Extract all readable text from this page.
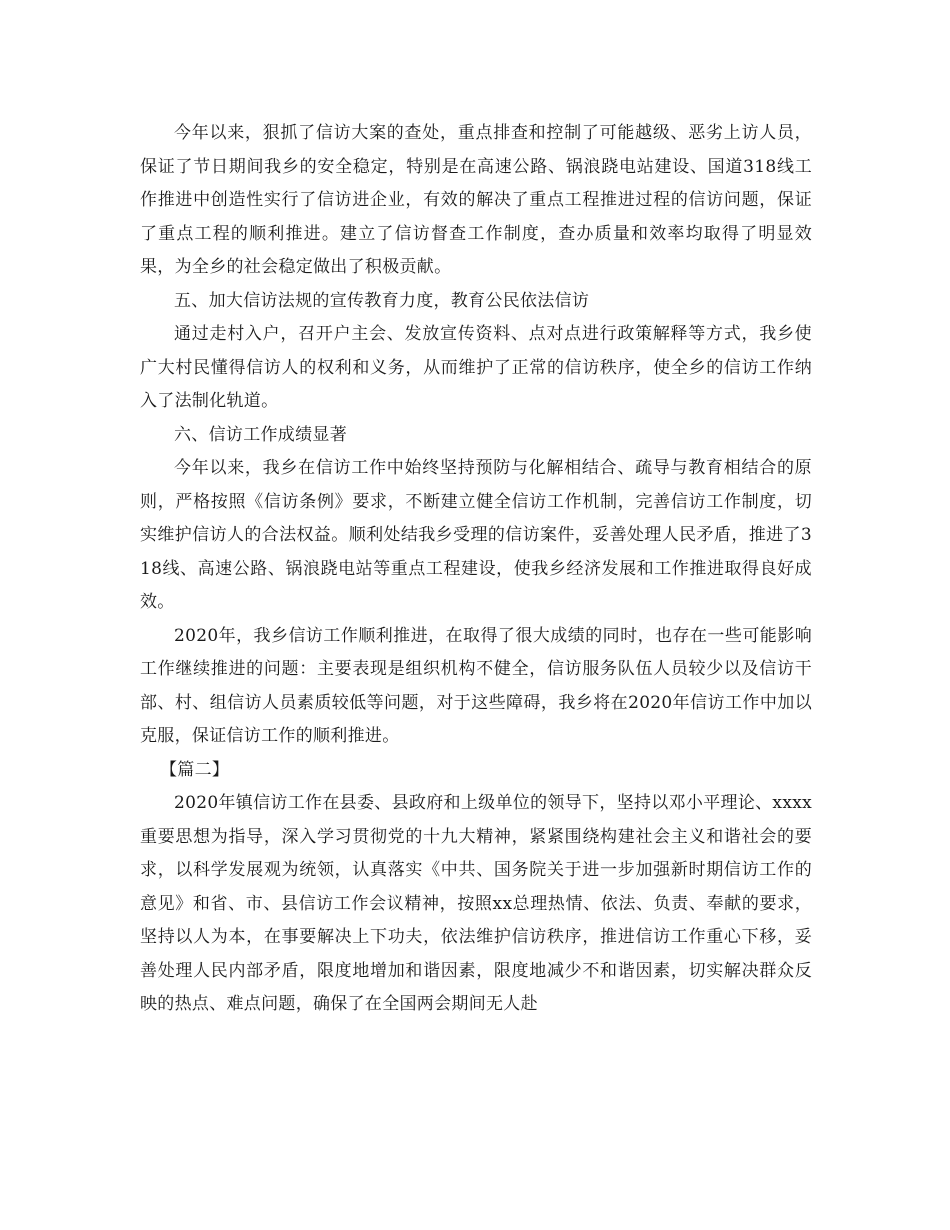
今年以来，狠抓了信访大案的查处，重点排查和控制了可能越级、恶劣上访人员，保证了节日期间我乡的安全稳定，特别是在高速公路、锅浪跷电站建设、国道318线工作推进中创造性实行了信访进企业，有效的解决了重点工程推进过程的信访问题，保证了重点工程的顺利推进。建立了信访督查工作制度，查办质量和效率均取得了明显效果，为全乡的社会稳定做出了积极贡献。

五、加大信访法规的宣传教育力度，教育公民依法信访

通过走村入户，召开户主会、发放宣传资料、点对点进行政策解释等方式，我乡使广大村民懂得信访人的权利和义务，从而维护了正常的信访秩序，使全乡的信访工作纳入了法制化轨道。

六、信访工作成绩显著

今年以来，我乡在信访工作中始终坚持预防与化解相结合、疏导与教育相结合的原则，严格按照《信访条例》要求，不断建立健全信访工作机制，完善信访工作制度，切实维护信访人的合法权益。顺利处结我乡受理的信访案件，妥善处理人民矛盾，推进了318线、高速公路、锅浪跷电站等重点工程建设，使我乡经济发展和工作推进取得良好成效。

2020年，我乡信访工作顺利推进，在取得了很大成绩的同时，也存在一些可能影响工作继续推进的问题：主要表现是组织机构不健全，信访服务队伍人员较少以及信访干部、村、组信访人员素质较低等问题，对于这些障碍，我乡将在2020年信访工作中加以克服，保证信访工作的顺利推进。

【篇二】

2020年镇信访工作在县委、县政府和上级单位的领导下，坚持以邓小平理论、xxxx重要思想为指导，深入学习贯彻党的十九大精神，紧紧围绕构建社会主义和谐社会的要求，以科学发展观为统领，认真落实《中共、国务院关于进一步加强新时期信访工作的意见》和省、市、县信访工作会议精神，按照xx总理热情、依法、负责、奉献的要求，坚持以人为本，在事要解决上下功夫，依法维护信访秩序，推进信访工作重心下移，妥善处理人民内部矛盾，限度地增加和谐因素，限度地减少不和谐因素，切实解决群众反映的热点、难点问题，确保了在全国两会期间无人赴
